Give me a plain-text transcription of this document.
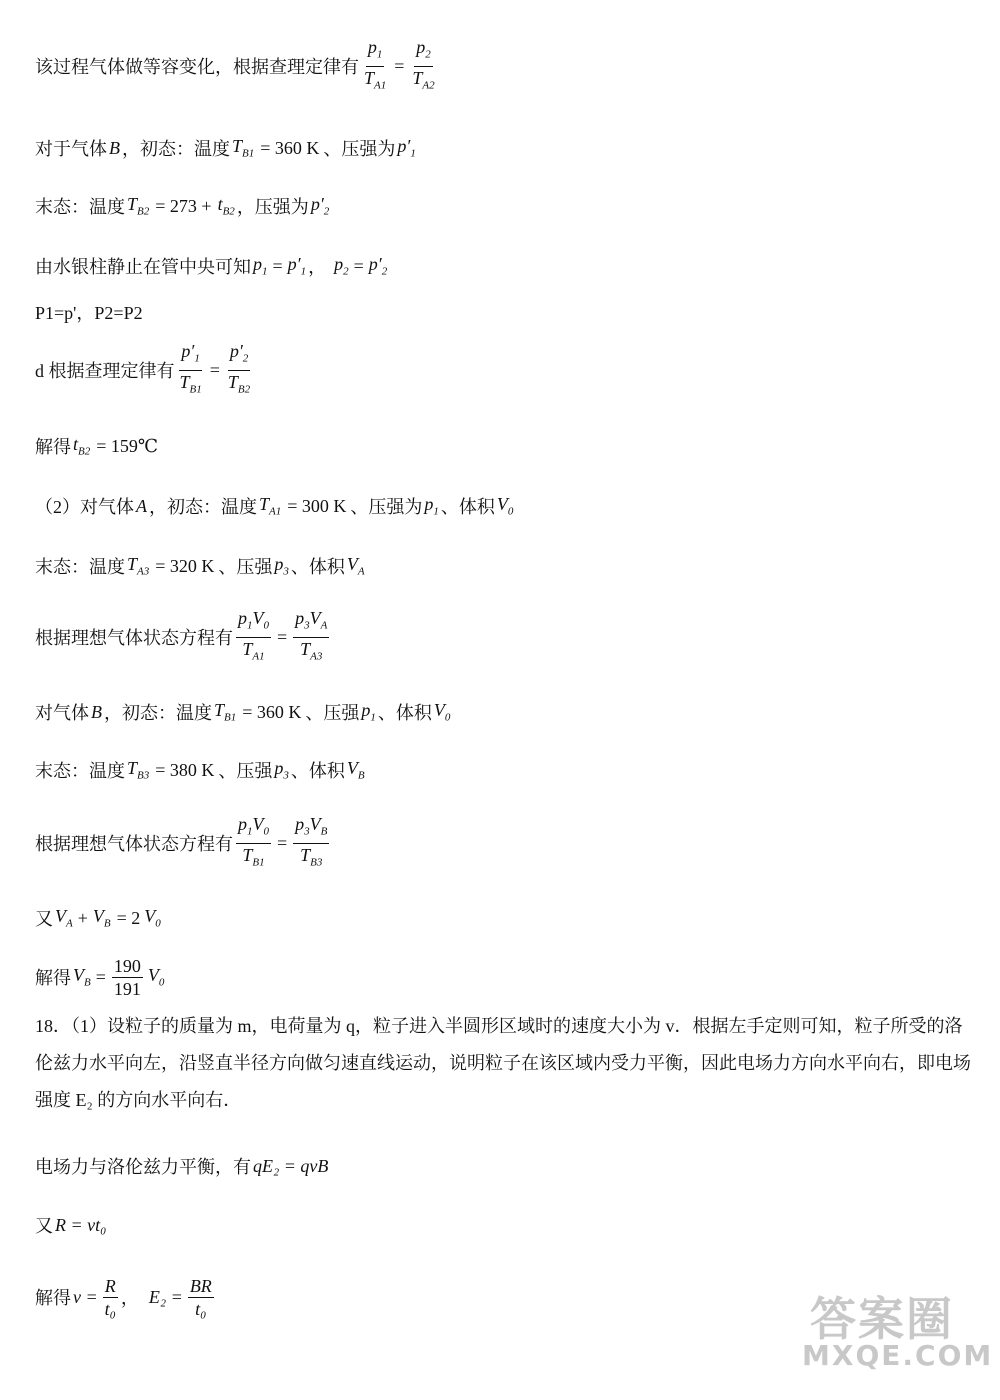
该过程气体做等容变化，根据查理定律有 $\frac{p_1}{T_{A1}} = \frac{p_2}{T_{A2}}$
对于气体 B ，初态：温度 $T_{B1} = 360$ K 、压强为 $p'_1$
末态：温度 $T_{B2} = 273 + t_{B2}$ ，压强为 $p'_2$
由水银柱静止在管中央可知 $p_1 = p'_1$ ， $p_2 = p'_2$
P1=p'，P2=P2
d 根据查理定律有 $\frac{p'_1}{T_{B1}} = \frac{p'_2}{T_{B2}}$
解得 $t_{B2}$ = 159℃
（2）对气体 A ，初态：温度 $T_{A1} = 300$ K 、压强为 $p_1$ 、体积 $V_0$
末态：温度 $T_{A3} = 320$ K 、压强 $p_3$ 、体积 $V_A$
根据理想气体状态方程有 $\frac{p_1V_0}{T_{A1}} = \frac{p_3V_A}{T_{A3}}$
对气体 B ，初态：温度 $T_{B1} = 360$ K 、压强 $p_1$ 、体积 $V_0$
末态：温度 $T_{B3} = 380$ K 、压强 $p_3$ 、体积 $V_B$
根据理想气体状态方程有 $\frac{p_1V_0}{T_{B1}} = \frac{p_3V_B}{T_{B3}}$
又 $V_A + V_B = 2$ $V_0$
解得 $V_B = \frac{190}{191} V_0$
18．（1）设粒子的质量为 m，电荷量为 q，粒子进入半圆形区域时的速度大小为 v．根据左手定则可知，粒子所受的洛伦兹力水平向左，沿竖直半径方向做匀速直线运动，说明粒子在该区域内受力平衡，因此电场力方向水平向右，即电场强度 E₂ 的方向水平向右．
电场力与洛伦兹力平衡，有 qE₂ = qvB
又 R = vt₀
解得 $v = \frac{R}{\text{t₀}}$ ， $E_2 = \frac{BR}{\text{t₀}}$	答案圈
MXQE.COM
